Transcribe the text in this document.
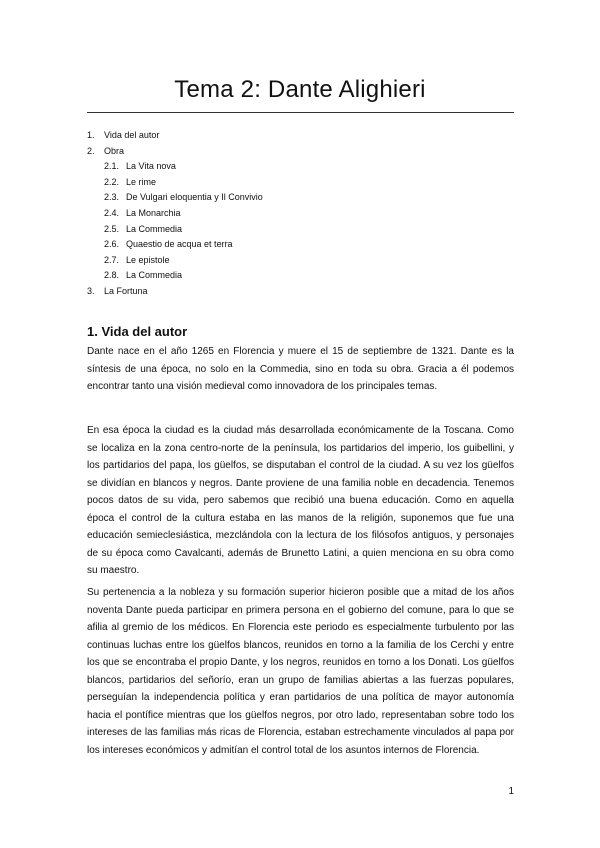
Tema 2: Dante Alighieri
1. Vida del autor
2. Obra
2.1. La Vita nova
2.2. Le rime
2.3. De Vulgari eloquentia y Il Convivio
2.4. La Monarchia
2.5. La Commedia
2.6. Quaestio de acqua et terra
2.7. Le epistole
2.8. La Commedia
3. La Fortuna
1. Vida del autor
Dante nace en el año 1265 en Florencia y muere el 15 de septiembre de 1321. Dante es la síntesis de una época, no solo en la Commedia, sino en toda su obra. Gracia a él podemos encontrar tanto una visión medieval como innovadora de los principales temas.
En esa época la ciudad es la ciudad más desarrollada económicamente de la Toscana. Como se localiza en la zona centro-norte de la península, los partidarios del imperio, los guibellini, y los partidarios del papa, los güelfos, se disputaban el control de la ciudad. A su vez los güelfos se dividían en blancos y negros. Dante proviene de una familia noble en decadencia. Tenemos pocos datos de su vida, pero sabemos que recibió una buena educación. Como en aquella época el control de la cultura estaba en las manos de la religión, suponemos que fue una educación semieclesiástica, mezclándola con la lectura de los filósofos antiguos, y personajes de su época como Cavalcanti, además de Brunetto Latini, a quien menciona en su obra como su maestro.
Su pertenencia a la nobleza y su formación superior hicieron posible que a mitad de los años noventa Dante pueda participar en primera persona en el gobierno del comune, para lo que se afilia al gremio de los médicos. En Florencia este periodo es especialmente turbulento por las continuas luchas entre los güelfos blancos, reunidos en torno a la familia de los Cerchi y entre los que se encontraba el propio Dante, y los negros, reunidos en torno a los Donati. Los güelfos blancos, partidarios del señorío, eran un grupo de familias abiertas a las fuerzas populares, perseguían la independencia política y eran partidarios de una política de mayor autonomía hacia el pontífice mientras que los güelfos negros, por otro lado, representaban sobre todo los intereses de las familias más ricas de Florencia, estaban estrechamente vinculados al papa por los intereses económicos y admitían el control total de los asuntos internos de Florencia.
1
